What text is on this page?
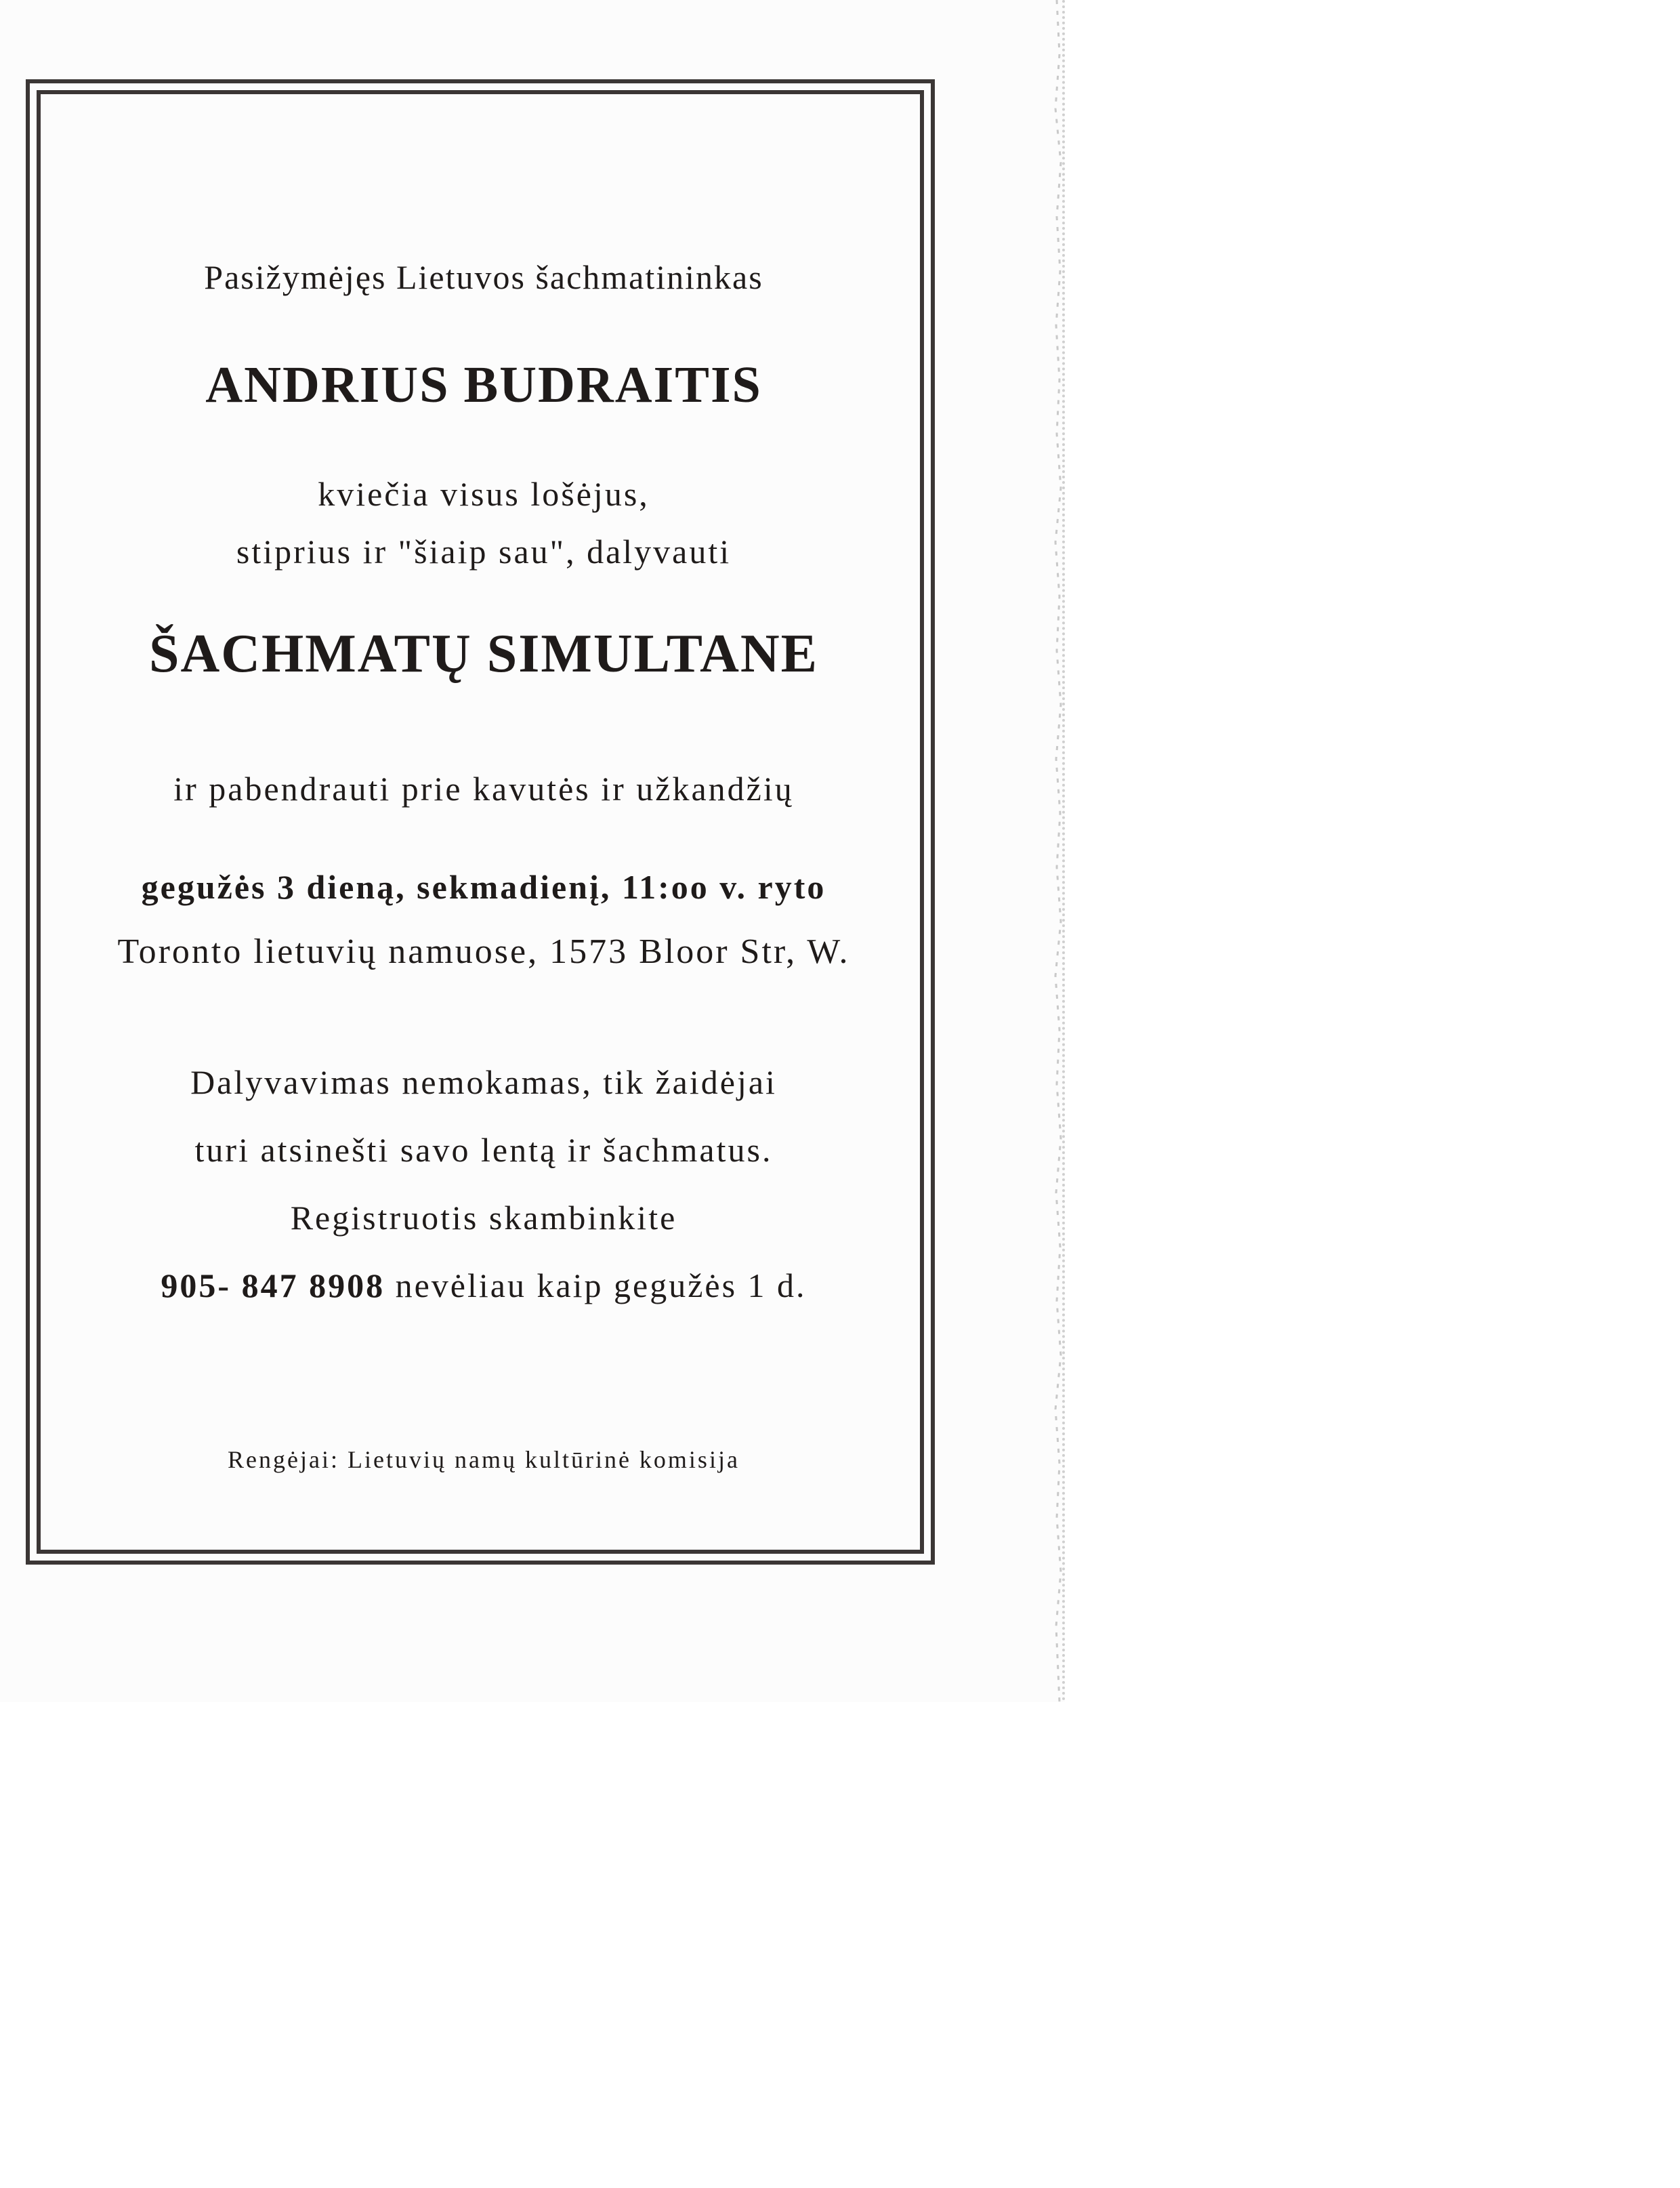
Pasižymėjęs Lietuvos šachmatininkas
ANDRIUS BUDRAITIS
kviečia visus lošėjus,
stiprius ir "šiaip sau", dalyvauti
ŠACHMATŲ SIMULTANE
ir pabendrauti prie kavutės ir užkandžių
gegužės 3 dieną, sekmadienį, 11:oo v. ryto
Toronto lietuvių namuose, 1573 Bloor Str, W.
Dalyvavimas nemokamas, tik žaidėjai
turi atsinešti savo lentą ir šachmatus.
Registruotis skambinkite
905- 847 8908 nevėliau kaip gegužės 1 d.
Rengėjai: Lietuvių namų kultūrinė komisija
